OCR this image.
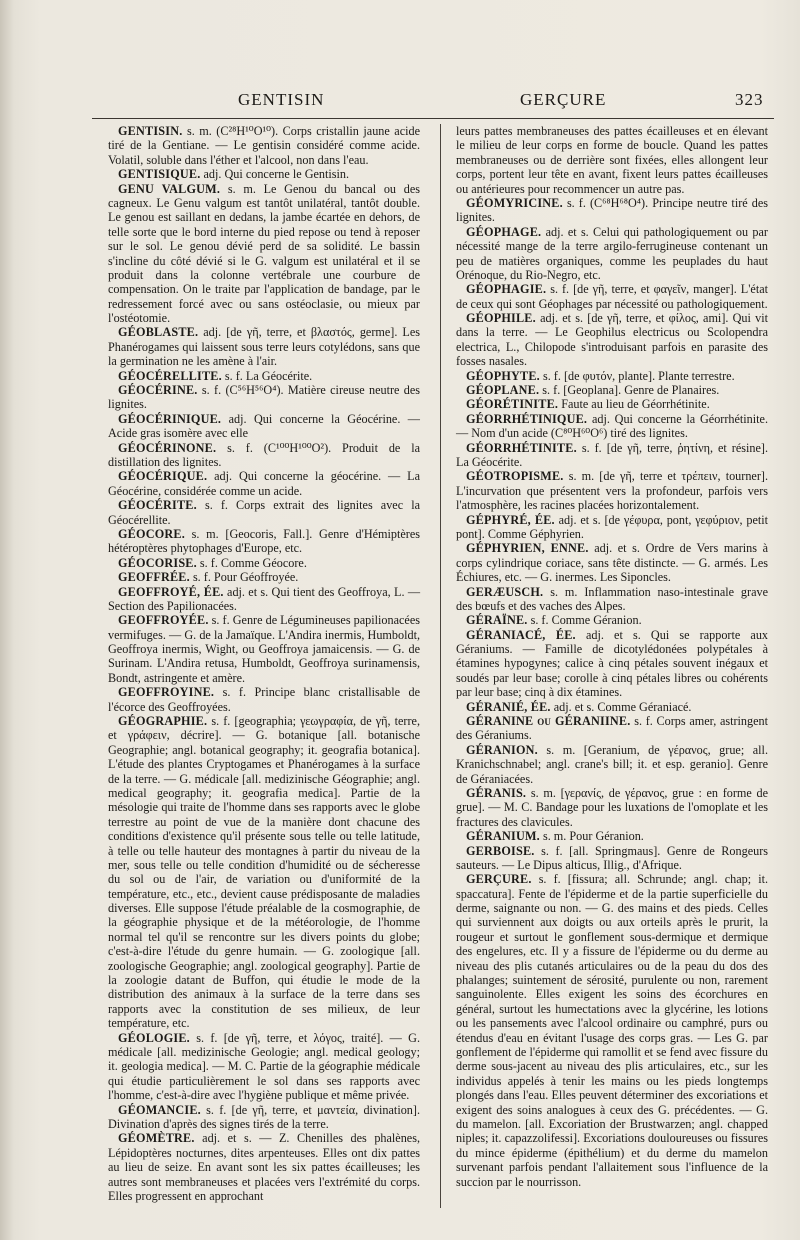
GENTISIN	GERÇURE	323

GENTISIN. s. m. (C²⁸H¹⁰O¹⁰). Corps cristallin jaune acide tiré de la Gentiane. — Le gentisin considéré comme acide. Volatil, soluble dans l'éther et l'alcool, non dans l'eau.

GENTISIQUE. adj. Qui concerne le Gentisin.

GENU VALGUM. s. m. Le Genou du bancal ou des cagneux. Le Genu valgum est tantôt unilatéral, tantôt double. Le genou est saillant en dedans, la jambe écartée en dehors, de telle sorte que le bord interne du pied repose ou tend à reposer sur le sol. Le genou dévié perd de sa solidité. Le bassin s'incline du côté dévié si le G. valgum est unilatéral et il se produit dans la colonne vertébrale une courbure de compensation. On le traite par l'application de bandage, par le redressement forcé avec ou sans ostéoclasie, ou mieux par l'ostéotomie.

GÉOBLASTE. adj. [de γῆ, terre, et βλαστός, germe]. Les Phanérogames qui laissent sous terre leurs cotylédons, sans que la germination ne les amène à l'air.

GÉOCÉRELLITE. s. f. La Géocérite.

GÉOCÉRINE. s. f. (C⁵⁶H⁵⁶O⁴). Matière cireuse neutre des lignites.

GÉOCÉRINIQUE. adj. Qui concerne la Géocérine. — Acide gras isomère avec elle

GÉOCÉRINONE. s. f. (C¹⁰⁰H¹⁰⁰O²). Produit de la distillation des lignites.

GÉOCÉRIQUE. adj. Qui concerne la géocérine. — La Géocérine, considérée comme un acide.

GÉOCÉRITE. s. f. Corps extrait des lignites avec la Géocérellite.

GÉOCORE. s. m. [Geocoris, Fall.]. Genre d'Hémiptères hétéroptères phytophages d'Europe, etc.

GÉOCORISE. s. f. Comme Géocore.

GEOFFRÉE. s. f. Pour Géoffroyée.

GEOFFROYÉ, ÉE. adj. et s. Qui tient des Geoffroya, L. — Section des Papilionacées.

GEOFFROYÉE. s. f. Genre de Légumineuses papilionacées vermifuges. — G. de la Jamaïque. L'Andira inermis, Humboldt, Geoffroya inermis, Wight, ou Geoffroya jamaicensis. — G. de Surinam. L'Andira retusa, Humboldt, Geoffroya surinamensis, Bondt, astringente et amère.

GEOFFROYINE. s. f. Principe blanc cristallisable de l'écorce des Geoffroyées.

GÉOGRAPHIE. s. f. [geographia; γεωγραφία, de γῆ, terre, et γράφειν, décrire]. — G. botanique [all. botanische Geographie; angl. botanical geography; it. geografia botanica]. L'étude des plantes Cryptogames et Phanérogames à la surface de la terre. — G. médicale [all. medizinische Géographie; angl. medical geography; it. geografia medica]. Partie de la mésologie qui traite de l'homme dans ses rapports avec le globe terrestre au point de vue de la manière dont chacune des conditions d'existence qu'il présente sous telle ou telle latitude, à telle ou telle hauteur des montagnes à partir du niveau de la mer, sous telle ou telle condition d'humidité ou de sécheresse du sol ou de l'air, de variation ou d'uniformité de la température, etc., etc., devient cause prédisposante de maladies diverses. Elle suppose l'étude préalable de la cosmographie, de la géographie physique et de la météorologie, de l'homme normal tel qu'il se rencontre sur les divers points du globe; c'est-à-dire l'étude du genre humain. — G. zoologique [all. zoologische Geographie; angl. zoological geography]. Partie de la zoologie datant de Buffon, qui étudie le mode de la distribution des animaux à la surface de la terre dans ses rapports avec la constitution de ses milieux, de leur température, etc.

GÉOLOGIE. s. f. [de γῆ, terre, et λόγος, traité]. — G. médicale [all. medizinische Geologie; angl. medical geology; it. geologia medica]. — M. C. Partie de la géographie médicale qui étudie particulièrement le sol dans ses rapports avec l'homme, c'est-à-dire avec l'hygiène publique et même privée.

GÉOMANCIE. s. f. [de γῆ, terre, et μαντεία, divination]. Divination d'après des signes tirés de la terre.

GÉOMÈTRE. adj. et s. — Z. Chenilles des phalènes, Lépidoptères nocturnes, dites arpenteuses. Elles ont dix pattes au lieu de seize. En avant sont les six pattes écailleuses; les autres sont membraneuses et placées vers l'extrémité du corps. Elles progressent en approchant

leurs pattes membraneuses des pattes écailleuses et en élevant le milieu de leur corps en forme de boucle. Quand les pattes membraneuses ou de derrière sont fixées, elles allongent leur corps, portent leur tête en avant, fixent leurs pattes écailleuses ou antérieures pour recommencer un autre pas.

GÉOMYRICINE. s. f. (C⁶⁸H⁶⁸O⁴). Principe neutre tiré des lignites.

GÉOPHAGE. adj. et s. Celui qui pathologiquement ou par nécessité mange de la terre argilo-ferrugineuse contenant un peu de matières organiques, comme les peuplades du haut Orénoque, du Rio-Negro, etc.

GÉOPHAGIE. s. f. [de γῆ, terre, et φαγεῖν, manger]. L'état de ceux qui sont Géophages par nécessité ou pathologiquement.

GÉOPHILE. adj. et s. [de γῆ, terre, et φίλος, ami]. Qui vit dans la terre. — Le Geophilus electricus ou Scolopendra electrica, L., Chilopode s'introduisant parfois en parasite des fosses nasales.

GÉOPHYTE. s. f. [de φυτόν, plante]. Plante terrestre.

GÉOPLANE. s. f. [Geoplana]. Genre de Planaires.

GÉORÉTINITE. Faute au lieu de Géorrhétinite.

GÉORRHÉTINIQUE. adj. Qui concerne la Géorrhétinite. — Nom d'un acide (C⁸⁰H⁶⁰O⁶) tiré des lignites.

GÉORRHÉTINITE. s. f. [de γῆ, terre, ῥητίνη, et résine]. La Géocérite.

GÉOTROPISME. s. m. [de γῆ, terre et τρέπειν, tourner]. L'incurvation que présentent vers la profondeur, parfois vers l'atmosphère, les racines placées horizontalement.

GÉPHYRÉ, ÉE. adj. et s. [de γέφυρα, pont, γεφύριον, petit pont]. Comme Géphyrien.

GÉPHYRIEN, ENNE. adj. et s. Ordre de Vers marins à corps cylindrique coriace, sans tête distincte. — G. armés. Les Échiures, etc. — G. inermes. Les Siponcles.

GERÆUSCH. s. m. Inflammation naso-intestinale grave des bœufs et des vaches des Alpes.

GÉRAÏNE. s. f. Comme Géranion.

GÉRANIACÉ, ÉE. adj. et s. Qui se rapporte aux Géraniums. — Famille de dicotylédonées polypétales à étamines hypogynes; calice à cinq pétales souvent inégaux et soudés par leur base; corolle à cinq pétales libres ou cohérents par leur base; cinq à dix étamines.

GÉRANIÉ, ÉE. adj. et s. Comme Géraniacé.

GÉRANINE ou GÉRANIINE. s. f. Corps amer, astringent des Géraniums.

GÉRANION. s. m. [Geranium, de γέρανος, grue; all. Kranichschnabel; angl. crane's bill; it. et esp. geranio]. Genre de Géraniacées.

GÉRANIS. s. m. [γερανίς, de γέρανος, grue : en forme de grue]. — M. C. Bandage pour les luxations de l'omoplate et les fractures des clavicules.

GÉRANIUM. s. m. Pour Géranion.

GERBOISE. s. f. [all. Springmaus]. Genre de Rongeurs sauteurs. — Le Dipus alticus, Illig., d'Afrique.

GERÇURE. s. f. [fissura; all. Schrunde; angl. chap; it. spaccatura]. Fente de l'épiderme et de la partie superficielle du derme, saignante ou non. — G. des mains et des pieds. Celles qui surviennent aux doigts ou aux orteils après le prurit, la rougeur et surtout le gonflement sous-dermique et dermique des engelures, etc. Il y a fissure de l'épiderme ou du derme au niveau des plis cutanés articulaires ou de la peau du dos des phalanges; suintement de sérosité, purulente ou non, rarement sanguinolente. Elles exigent les soins des écorchures en général, surtout les humectations avec la glycérine, les lotions ou les pansements avec l'alcool ordinaire ou camphré, purs ou étendus d'eau en évitant l'usage des corps gras. — Les G. par gonflement de l'épiderme qui ramollit et se fend avec fissure du derme sous-jacent au niveau des plis articulaires, etc., sur les individus appelés à tenir les mains ou les pieds longtemps plongés dans l'eau. Elles peuvent déterminer des excoriations et exigent des soins analogues à ceux des G. précédentes. — G. du mamelon. [all. Excoriation der Brustwarzen; angl. chapped niples; it. capazzolifessi]. Excoriations douloureuses ou fissures du mince épiderme (épithélium) et du derme du mamelon survenant parfois pendant l'allaitement sous l'influence de la succion par le nourrisson.
